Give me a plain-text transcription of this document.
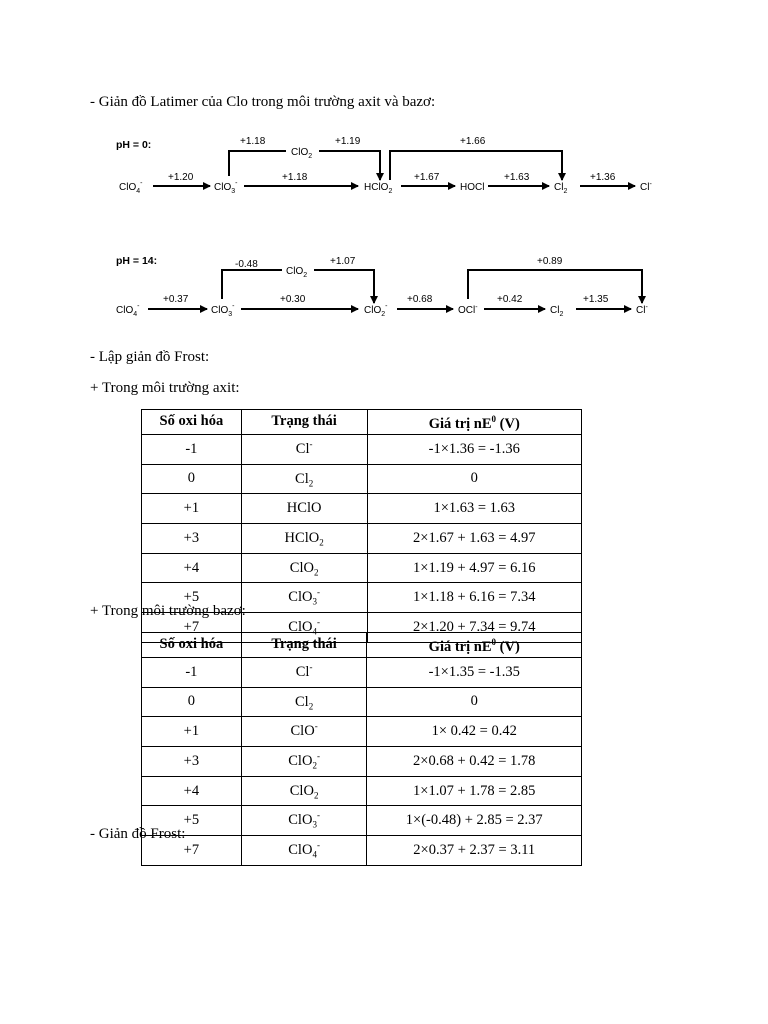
- Giản đồ Latimer của Clo trong môi trường axit và bazơ:
pH = 0:
ClO$_4$-	ClO$_3$-
ClO$_2$
HClO$_2$	HOCl	$Cl_2$	Cl-
+1.20	+1.18
+1.18	+1.19	+1.66
+1.67	+1.63	+1.36
pH = 14:
ClO$_4$-	ClO$_3$-
ClO$_2$
ClO$_2$-	OCl-	$Cl_2$	Cl-
+0.37	+0.30
-0.48	+1.07
+0.68
+0.89
+0.42	+1.35
- Lập giản đồ Frost:
+ Trong môi trường axit:
Số oxi hóa	Trạng thái	Giá trị $nE^0$ (V)
-1	Cl-	-1×1.36 = -1.36
0	$Cl_2$	0
+1	HClO	1×1.63 = 1.63
+3	HClO$_2$	2×1.67 + 1.63 = 4.97
+4	ClO$_2$	1×1.19 + 4.97 = 6.16
+5	ClO$_3$-	1×1.18 + 6.16 = 7.34
+7	ClO$_4$-	2×1.20 + 7.34 = 9.74
+ Trong môi trường bazơ:
Số oxi hóa	Trạng thái	Giá trị $nE^0$ (V)
-1	Cl-	-1×1.35 = -1.35
0	$Cl_2$	0
+1	ClO-	1× 0.42 = 0.42
+3	ClO$_2$-	2×0.68 + 0.42 = 1.78
+4	ClO$_2$	1×1.07 + 1.78 = 2.85
+5	ClO$_3$-	1×(-0.48) + 2.85 = 2.37
+7	ClO$_4$-	2×0.37 + 2.37 = 3.11
- Giản đồ Frost:
